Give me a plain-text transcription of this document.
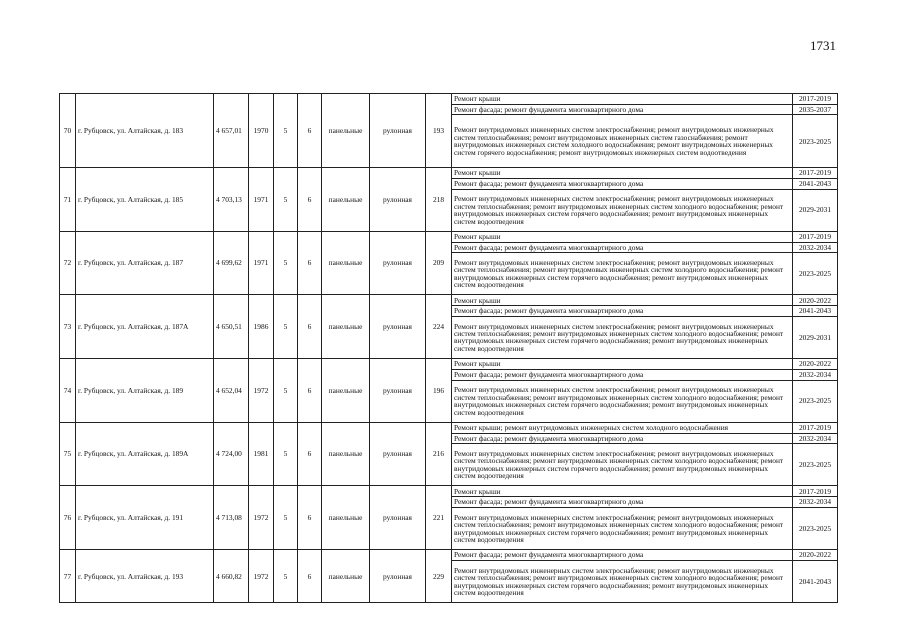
1731
70	г. Рубцовск, ул. Алтайская, д. 183	4 657,01	1970	5	6	панельные	рулонная	193	
Ремонт крыши	2017-2019
Ремонт фасада; ремонт фундамента многоквартирного дома	2035-2037
Ремонт внутридомовых инженерных систем электроснабжения; ремонт внутридомовых инженерных систем теплоснабжения; ремонт внутридомовых инженерных систем газоснабжения; ремонт внутридомовых инженерных систем холодного водоснабжения; ремонт внутридомовых инженерных систем горячего водоснабжения; ремонт внутридомовых инженерных систем водоотведения	2023-2025

71	г. Рубцовск, ул. Алтайская, д. 185	4 703,13	1971	5	6	панельные	рулонная	218	
Ремонт крыши	2017-2019
Ремонт фасада; ремонт фундамента многоквартирного дома	2041-2043
Ремонт внутридомовых инженерных систем электроснабжения; ремонт внутридомовых инженерных систем теплоснабжения; ремонт внутридомовых инженерных систем холодного водоснабжения; ремонт внутридомовых инженерных систем горячего водоснабжения; ремонт внутридомовых инженерных систем водоотведения	2029-2031

72	г. Рубцовск, ул. Алтайская, д. 187	4 699,62	1971	5	6	панельные	рулонная	209	
Ремонт крыши	2017-2019
Ремонт фасада; ремонт фундамента многоквартирного дома	2032-2034
Ремонт внутридомовых инженерных систем электроснабжения; ремонт внутридомовых инженерных систем теплоснабжения; ремонт внутридомовых инженерных систем холодного водоснабжения; ремонт внутридомовых инженерных систем горячего водоснабжения; ремонт внутридомовых инженерных систем водоотведения	2023-2025

73	г. Рубцовск, ул. Алтайская, д. 187А	4 650,51	1986	5	6	панельные	рулонная	224	
Ремонт крыши	2020-2022
Ремонт фасада; ремонт фундамента многоквартирного дома	2041-2043
Ремонт внутридомовых инженерных систем электроснабжения; ремонт внутридомовых инженерных систем теплоснабжения; ремонт внутридомовых инженерных систем холодного водоснабжения; ремонт внутридомовых инженерных систем горячего водоснабжения; ремонт внутридомовых инженерных систем водоотведения	2029-2031

74	г. Рубцовск, ул. Алтайская, д. 189	4 652,04	1972	5	6	панельные	рулонная	196	
Ремонт крыши	2020-2022
Ремонт фасада; ремонт фундамента многоквартирного дома	2032-2034
Ремонт внутридомовых инженерных систем электроснабжения; ремонт внутридомовых инженерных систем теплоснабжения; ремонт внутридомовых инженерных систем холодного водоснабжения; ремонт внутридомовых инженерных систем горячего водоснабжения; ремонт внутридомовых инженерных систем водоотведения	2023-2025

75	г. Рубцовск, ул. Алтайская, д. 189А	4 724,00	1981	5	6	панельные	рулонная	216	
Ремонт крыши; ремонт внутридомовых инженерных систем холодного водоснабжения	2017-2019
Ремонт фасада; ремонт фундамента многоквартирного дома	2032-2034
Ремонт внутридомовых инженерных систем электроснабжения; ремонт внутридомовых инженерных систем теплоснабжения; ремонт внутридомовых инженерных систем холодного водоснабжения; ремонт внутридомовых инженерных систем горячего водоснабжения; ремонт внутридомовых инженерных систем водоотведения	2023-2025

76	г. Рубцовск, ул. Алтайская, д. 191	4 713,08	1972	5	6	панельные	рулонная	221	
Ремонт крыши	2017-2019
Ремонт фасада; ремонт фундамента многоквартирного дома	2032-2034
Ремонт внутридомовых инженерных систем электроснабжения; ремонт внутридомовых инженерных систем теплоснабжения; ремонт внутридомовых инженерных систем холодного водоснабжения; ремонт внутридомовых инженерных систем горячего водоснабжения; ремонт внутридомовых инженерных систем водоотведения	2023-2025

77	г. Рубцовск, ул. Алтайская, д. 193	4 660,82	1972	5	6	панельные	рулонная	229	
Ремонт фасада; ремонт фундамента многоквартирного дома	2020-2022
Ремонт внутридомовых инженерных систем электроснабжения; ремонт внутридомовых инженерных систем теплоснабжения; ремонт внутридомовых инженерных систем холодного водоснабжения; ремонт внутридомовых инженерных систем горячего водоснабжения; ремонт внутридомовых инженерных систем водоотведения	2041-2043
